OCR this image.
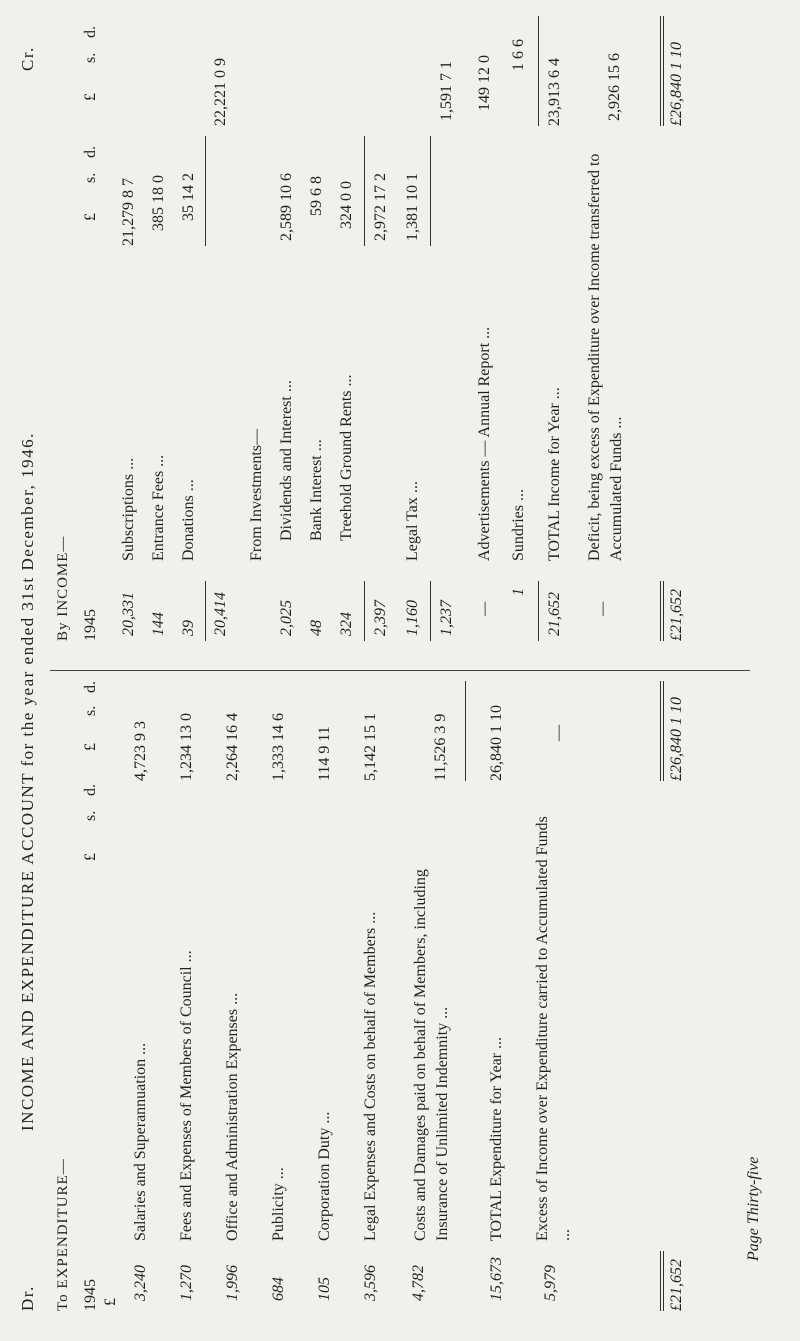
Dr.
INCOME AND EXPENDITURE ACCOUNT for the year ended 31st December, 1946.
Cr.
To EXPENDITURE— 1945 £
£
s.
d.
£
s.
d.
3,240
Salaries and Superannuation ...
4,723 9 3
1,270
Fees and Expenses of Members of Council ...
1,234 13 0
1,996
Office and Administration Expenses ...
2,264 16 4
684
Publicity ...
1,333 14 6
105
Corporation Duty ...
114 9 11
3,596
Legal Expenses and Costs on behalf of Members ...
5,142 15 1
4,782
Costs and Damages paid on behalf of Members, including Insurance of Unlimited Indemnity ...
11,526 3 9
15,673
TOTAL Expenditure for Year ...
26,840 1 10
5,979
Excess of Income over Expenditure carried to Accumulated Funds ...
—
£21,652
£26,840 1 10
By INCOME— 1945
£
s.
d.
£
s.
d.
20,331
Subscriptions ...
21,279 8 7
144
Entrance Fees ...
385 18 0
39
Donations ...
35 14 2
20,414
22,221 0 9
From Investments—
2,025
Dividends and Interest ...
2,589 10 6
48
Bank Interest ...
59 6 8
324
Treehold Ground Rents ...
324 0 0
2,397
2,972 17 2
1,160
Legal Tax ...
1,381 10 1
1,237
1,591 7 1
—
Advertisements — Annual Report ...
149 12 0
1
Sundries ...
1 6 6
21,652
TOTAL Income for Year ...
23,913 6 4
—
Deficit, being excess of Expenditure over Income transferred to Accumulated Funds ...
2,926 15 6
£21,652
£26,840 1 10
Page Thirty-five
